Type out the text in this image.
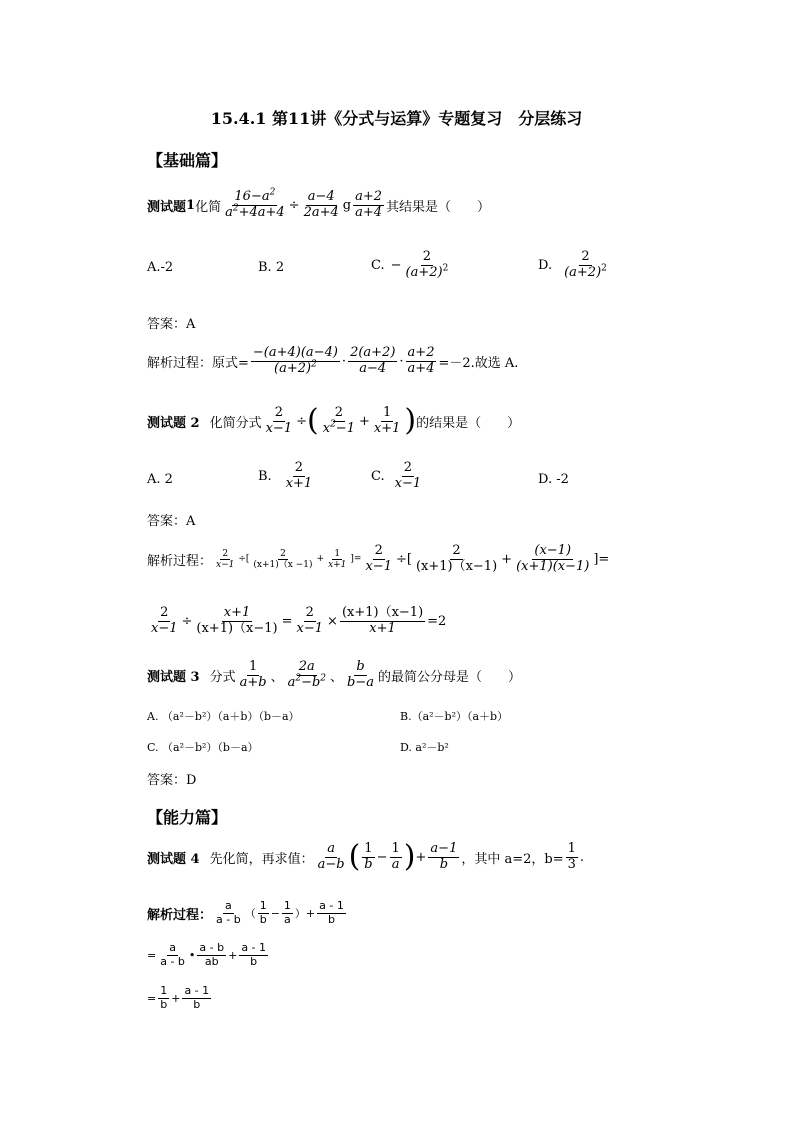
15.4.1 第11讲《分式与运算》专题复习　分层练习
【基础篇】
测试题 1 化简 $\frac{16-a^2}{a^2+4a+4} \div \frac{a-4}{2a+4}$ g $\frac{a+2}{a+4}$ 其结果是（　　）
A.-2	B. 2	C. − $\frac{2}{(a+2)^2}$	D. $\frac{2}{(a+2)^2}$
答案：A
解析过程：原式= $\frac{-(a+4)(a-4)}{(a+2)^2} \cdot \frac{2(a+2)}{a-4} \cdot \frac{a+2}{a+4} =-2$.故选 A.
测试题 2 化简分式 $\frac{2}{x-1}$ ÷ ( $\frac{2}{x^2-1} + \frac{1}{x+1}$ ) 的结果是（　　）
A. 2	B. $\frac{2}{x+1}$	C. $\frac{2}{x-1}$	D. -2
答案：A
解析过程： $\frac{2}{x-1}$ ÷[ $\frac{2}{(x+1)(x -1)} + \frac{1}{x+1}$ ]= $\frac{2}{x-1}$ ÷[ $\frac{2}{(x+1)(x-1)} + \frac{(x-1)}{(x+1)(x-1)}$ ]=
$\frac{2}{x-1} \div \frac{x+1}{(x+1)(x-1)} = \frac{2}{x-1} \times \frac{(x+1)(x-1)}{x+1} =2$
测试题 3 分式 $\frac{1}{a+b}$ 、 $\frac{2a}{a^2-b^2}$ 、 $\frac{b}{b-a}$ 的最简公分母是（　　）
A. （a²－b²）（a＋b）（b－a）	B.（a²－b²）（a＋b）
C. （a²－b²）（b－a）	D. a²－b²
答案：D
【能力篇】
测试题 4 先化简，再求值： $\frac{a}{a-b}$ ( $\frac{1}{b} - \frac{1}{a}$ ) + $\frac{a-1}{b}$ ，其中 a=2，$b= \frac{1}{3}$ .
解析过程： $\frac{a}{a - b}$ （ $\frac{1}{b} - \frac{1}{a}$ ）+ $\frac{a - 1}{b}$
= $\frac{a}{a - b}$ • $\frac{a - b}{ab} + \frac{a - 1}{b}$
= $\frac{1}{b} + \frac{a - 1}{b}$
